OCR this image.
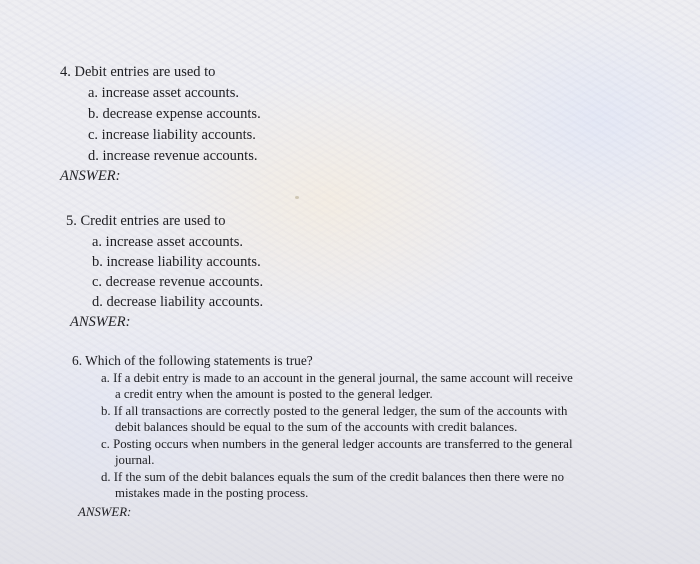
4. Debit entries are used to
a. increase asset accounts.
b. decrease expense accounts.
c. increase liability accounts.
d. increase revenue accounts.
ANSWER:
5. Credit entries are used to
a. increase asset accounts.
b. increase liability accounts.
c. decrease revenue accounts.
d. decrease liability accounts.
ANSWER:
6. Which of the following statements is true?
a. If a debit entry is made to an account in the general journal, the same account will receive
a credit entry when the amount is posted to the general ledger.
b. If all transactions are correctly posted to the general ledger, the sum of the accounts with
debit balances should be equal to the sum of the accounts with credit balances.
c. Posting occurs when numbers in the general ledger accounts are transferred to the general
journal.
d. If the sum of the debit balances equals the sum of the credit balances then there were no
mistakes made in the posting process.
ANSWER:
